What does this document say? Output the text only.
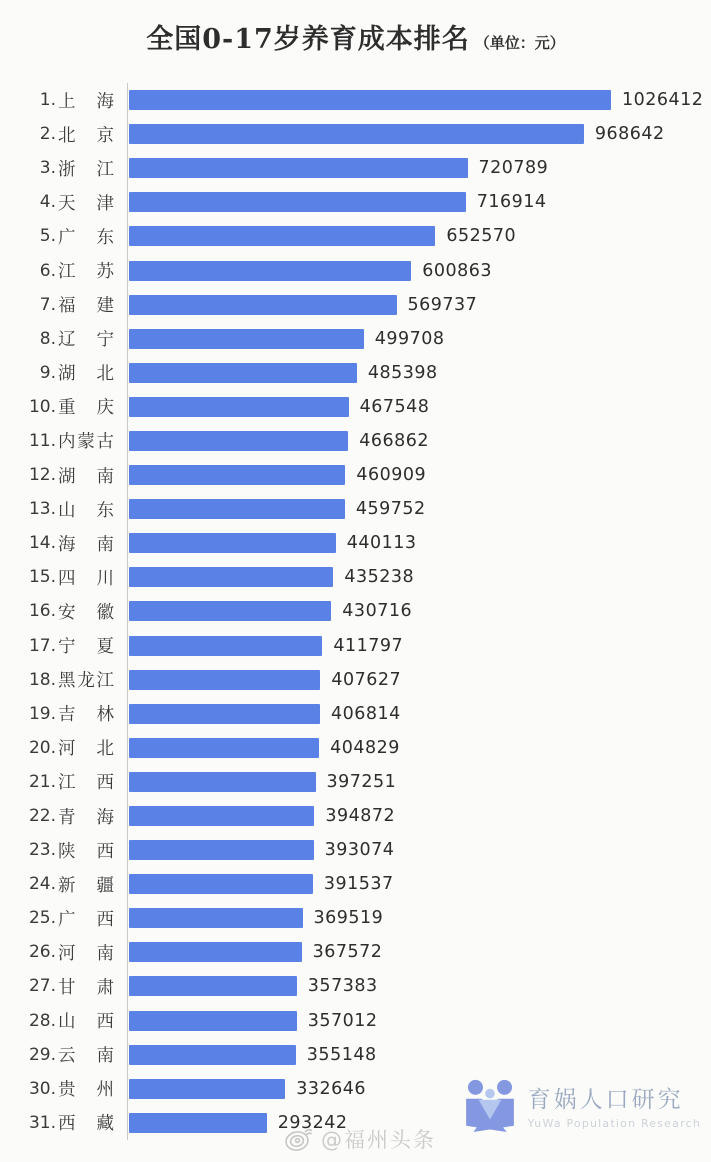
全国0-17岁养育成本排名 （单位：元）
1. 上 海	1026412
2. 北 京	968642
3. 浙 江	720789
4. 天 津	716914
5. 广 东	652570
6. 江 苏	600863
7. 福 建	569737
8. 辽 宁	499708
9. 湖 北	485398
10. 重 庆	467548
11. 内 蒙 古	466862
12. 湖 南	460909
13. 山 东	459752
14. 海 南	440113
15. 四 川	435238
16. 安 徽	430716
17. 宁 夏	411797
18. 黑 龙 江	407627
19. 吉 林	406814
20. 河 北	404829
21. 江 西	397251
22. 青 海	394872
23. 陕 西	393074
24. 新 疆	391537
25. 广 西	369519
26. 河 南	367572
27. 甘 肃	357383
28. 山 西	357012
29. 云 南	355148
30. 贵 州	332646
31. 西 藏	293242
育娲人口研究
YuWa Population Research
@福州头条
